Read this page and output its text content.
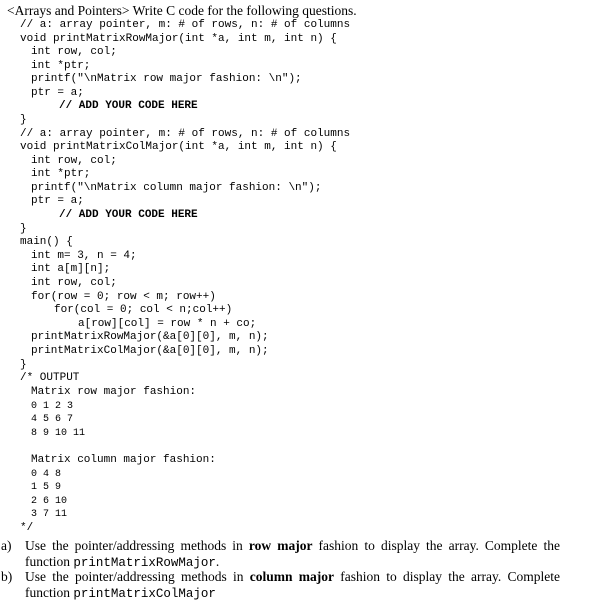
<Arrays and Pointers> Write C code for the following questions.
// a: array pointer, m: # of rows, n: # of columns
void printMatrixRowMajor(int *a, int m, int n) {
int row, col;
int *ptr;
printf("\nMatrix row major fashion: \n");
ptr = a;
// ADD YOUR CODE HERE
}
// a: array pointer, m: # of rows, n: # of columns
void printMatrixColMajor(int *a, int m, int n) {
int row, col;
int *ptr;
printf("\nMatrix column major fashion: \n");
ptr = a;
// ADD YOUR CODE HERE
}
main() {
int m= 3, n = 4;
int a[m][n];
int row, col;
for(row = 0; row < m; row++)
for(col = 0; col < n;col++)
a[row][col] = row * n + co;
printMatrixRowMajor(&a[0][0], m, n);
printMatrixColMajor(&a[0][0], m, n);
}
/* OUTPUT
Matrix row major fashion:
0 1 2 3
4 5 6 7
8 9 10 11
Matrix column major fashion:
0 4 8
1 5 9
2 6 10
3 7 11
*/
a) Use the pointer/addressing methods in row major fashion to display the array. Complete the function printMatrixRowMajor.
b) Use the pointer/addressing methods in column major fashion to display the array. Complete function printMatrixColMajor
